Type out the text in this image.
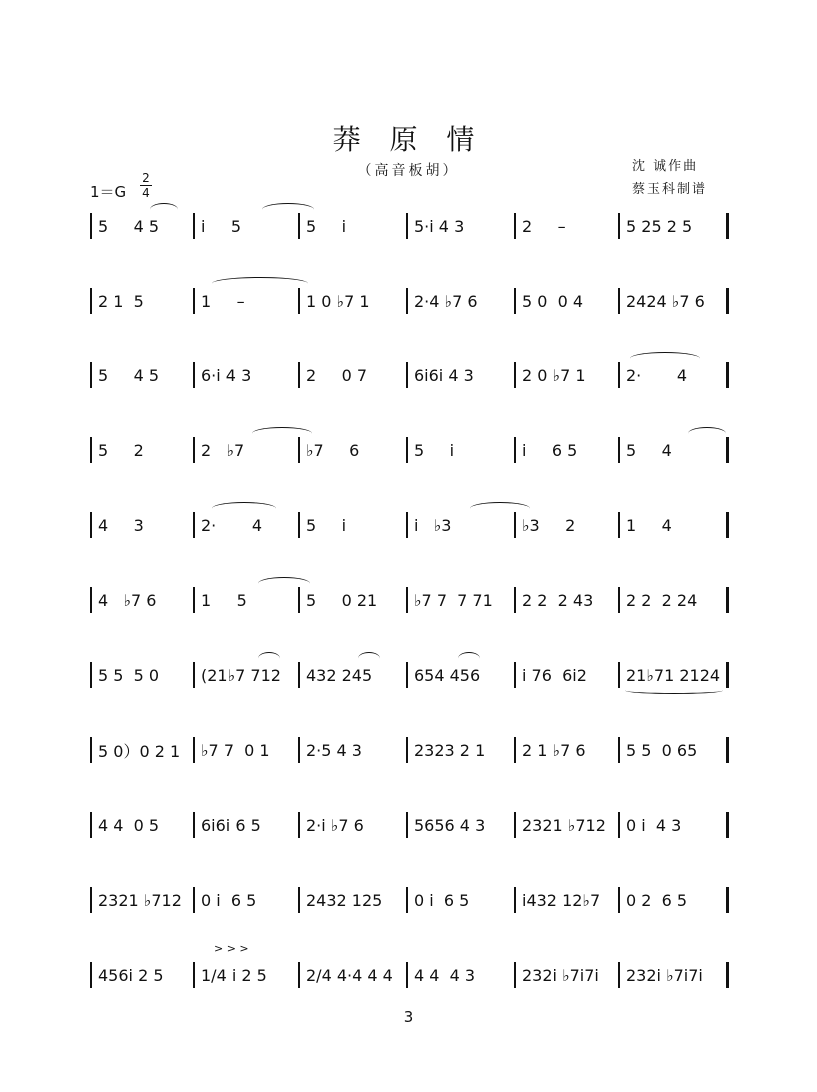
莽 原 情
（高音板胡）	沈 诚作曲
蔡玉科制谱
1＝G
2
4
5     4 5	i     5	5     i	5·i 4 3	2     –	5 25 2 5
2 1  5	1     –	1 0 ♭7 1	2·4 ♭7 6	5 0  0 4	2424 ♭7 6
5     4 5	6·i 4 3	2     0 7	6i6i 4 3	2 0 ♭7 1	2·       4
5     2	2   ♭7	♭7     6	5     i	i     6 5	5     4
4     3	2·       4	5     i	i   ♭3	♭3     2	1     4
4   ♭7 6	1     5	5     0 21	♭7 7  7 71	2 2  2 43	2 2  2 24
5 5  5 0	(21♭7 712	432 245	654 456	i 76  6i2	21♭71 2124
5 0）0 2 1	♭7 7  0 1	2·5 4 3	2323 2 1	2 1 ♭7 6	5 5  0 65
4 4  0 5	6i6i 6 5	2·i ♭7 6	5656 4 3	2321 ♭712	0 i  4 3
2321 ♭712	0 i  6 5	2432 125	0 i  6 5	i432 12♭7	0 2  6 5
456i 2 5	1/4 i 2 5	2/4 4·4 4 4	4 4  4 3	232i ♭7i7i	232i ♭7i7i
> > >
3
